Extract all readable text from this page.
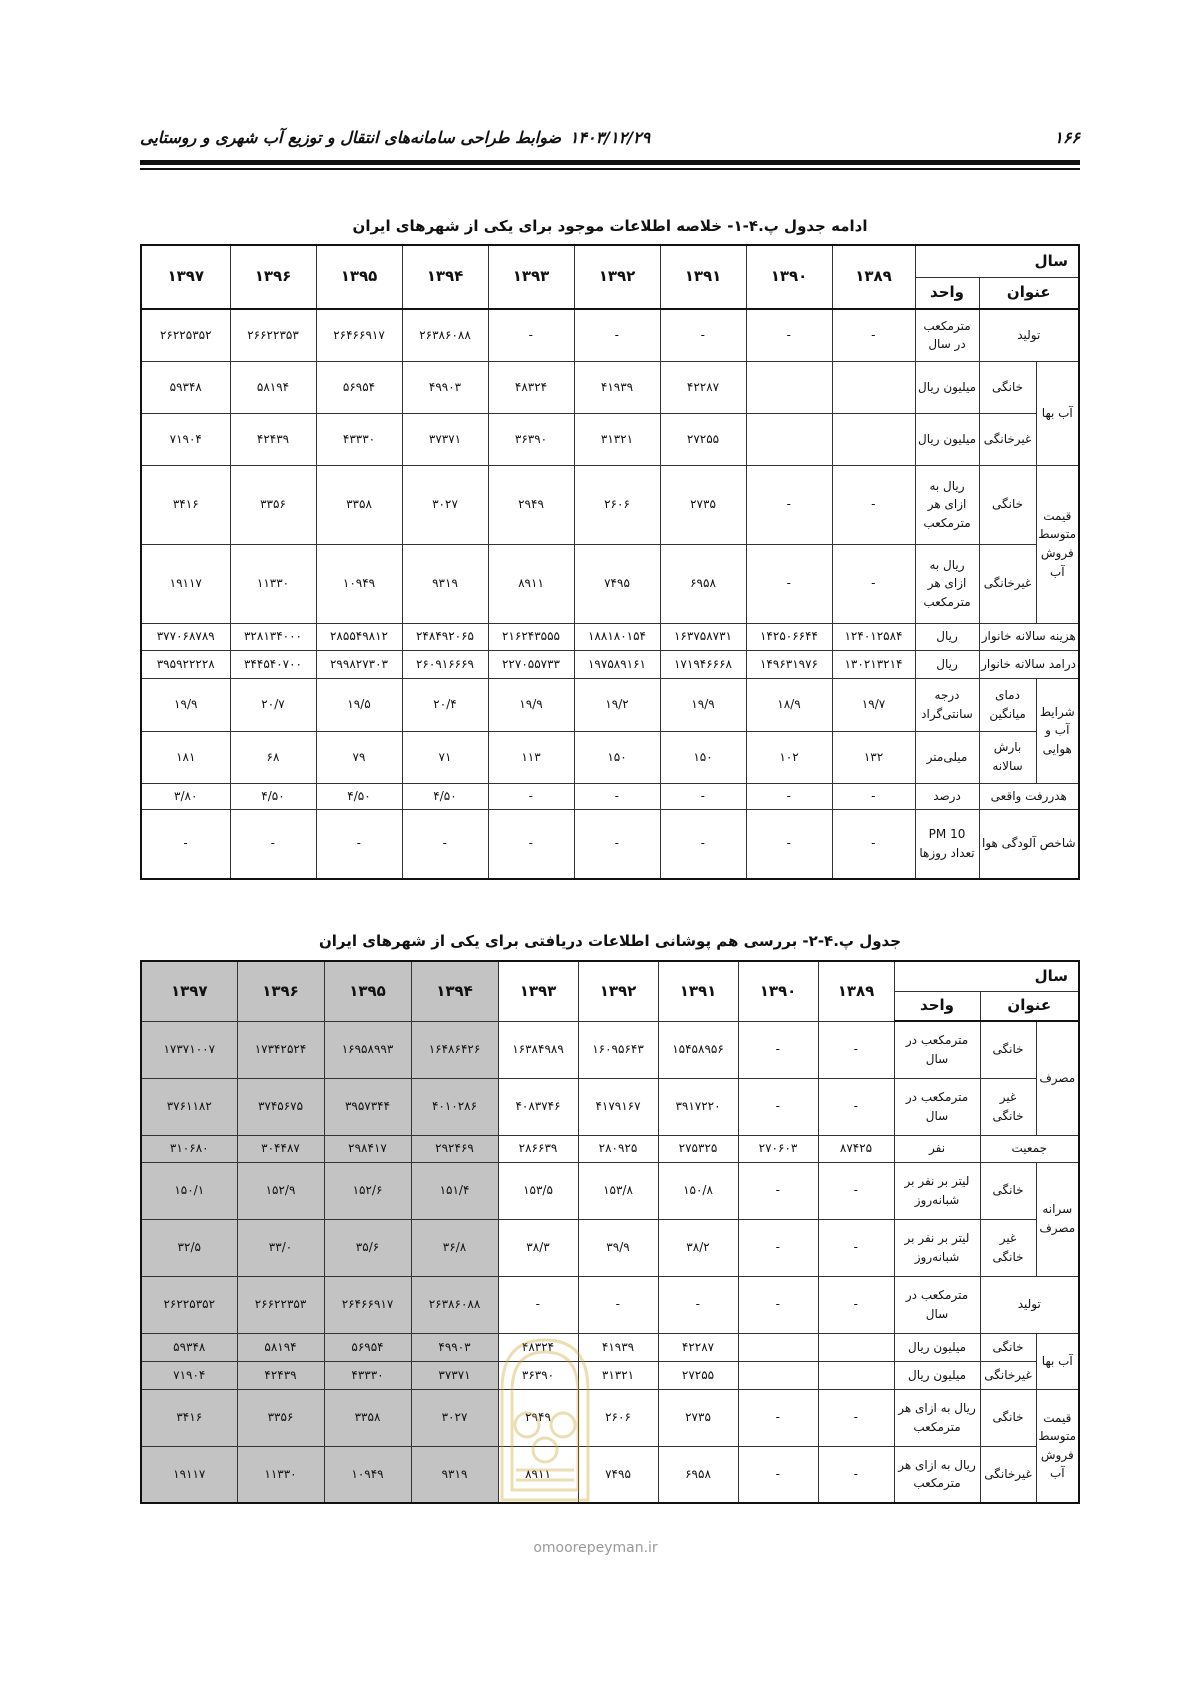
۱۶۶
۱۴۰۳/۱۲/۲۹
ضوابط طراحی سامانه‌های انتقال و توزیع آب شهری و روستایی
ادامه جدول پ.۴-۱- خلاصه اطلاعات موجود برای یکی از شهرهای ایران
سال			۱۳۸۹	۱۳۹۰	۱۳۹۱	۱۳۹۲	۱۳۹۳	۱۳۹۴	۱۳۹۵	۱۳۹۶	۱۳۹۷
عنوان		واحد									
تولید		مترمکعب در سال	-	-	-	-	-	۲۶۳۸۶۰۸۸	۲۶۴۶۶۹۱۷	۲۶۶۲۲۳۵۳	۲۶۲۲۵۳۵۲
آب بها	خانگی	میلیون ریال			۴۲۲۸۷	۴۱۹۳۹	۴۸۳۲۴	۴۹۹۰۳	۵۶۹۵۴	۵۸۱۹۴	۵۹۳۴۸
	غیرخانگی	میلیون ریال			۲۷۲۵۵	۳۱۳۲۱	۳۶۳۹۰	۳۷۳۷۱	۴۳۳۳۰	۴۲۴۳۹	۷۱۹۰۴
قیمت متوسط فروش آب	خانگی	ریال به ازای هر مترمکعب	-	-	۲۷۳۵	۲۶۰۶	۲۹۴۹	۳۰۲۷	۳۳۵۸	۳۳۵۶	۳۴۱۶
	غیرخانگی	ریال به ازای هر مترمکعب	-	-	۶۹۵۸	۷۴۹۵	۸۹۱۱	۹۳۱۹	۱۰۹۴۹	۱۱۳۳۰	۱۹۱۱۷
هزینه سالانه خانوار		ریال	۱۲۴۰۱۲۵۸۴	۱۴۲۵۰۶۶۴۴	۱۶۳۷۵۸۷۳۱	۱۸۸۱۸۰۱۵۴	۲۱۶۲۴۳۵۵۵	۲۴۸۴۹۲۰۶۵	۲۸۵۵۴۹۸۱۲	۳۲۸۱۳۴۰۰۰	۳۷۷۰۶۸۷۸۹
درامد سالانه خانوار		ریال	۱۳۰۲۱۳۲۱۴	۱۴۹۶۳۱۹۷۶	۱۷۱۹۴۶۶۶۸	۱۹۷۵۸۹۱۶۱	۲۲۷۰۵۵۷۳۳	۲۶۰۹۱۶۶۶۹	۲۹۹۸۲۷۳۰۳	۳۴۴۵۴۰۷۰۰	۳۹۵۹۲۲۲۲۸
شرایط آب و هوایی	دمای میانگین	درجه سانتی‌گراد	۱۹/۷	۱۸/۹	۱۹/۹	۱۹/۲	۱۹/۹	۲۰/۴	۱۹/۵	۲۰/۷	۱۹/۹
	بارش سالانه	میلی‌متر	۱۳۲	۱۰۲	۱۵۰	۱۵۰	۱۱۳	۷۱	۷۹	۶۸	۱۸۱
هدررفت واقعی		درصد	-	-	-	-	-	۴/۵۰	۴/۵۰	۴/۵۰	۳/۸۰
شاخص آلودگی هوا		PM 10 تعداد روزها	-	-	-	-	-	-	-	-	-
جدول پ.۴-۲- بررسی هم پوشانی اطلاعات دریافتی برای یکی از شهرهای ایران
سال			۱۳۸۹	۱۳۹۰	۱۳۹۱	۱۳۹۲	۱۳۹۳	۱۳۹۴	۱۳۹۵	۱۳۹۶	۱۳۹۷
عنوان		واحد									
مصرف	خانگی	مترمکعب در سال	-	-	۱۵۴۵۸۹۵۶	۱۶۰۹۵۶۴۳	۱۶۳۸۴۹۸۹	۱۶۴۸۶۴۲۶	۱۶۹۵۸۹۹۳	۱۷۳۴۲۵۲۴	۱۷۳۷۱۰۰۷
	غیر خانگی	مترمکعب در سال	-	-	۳۹۱۷۲۲۰	۴۱۷۹۱۶۷	۴۰۸۳۷۴۶	۴۰۱۰۲۸۶	۳۹۵۷۳۴۴	۳۷۴۵۶۷۵	۳۷۶۱۱۸۲
جمعیت		نفر	۸۷۴۲۵	۲۷۰۶۰۳	۲۷۵۳۲۵	۲۸۰۹۲۵	۲۸۶۶۳۹	۲۹۲۴۶۹	۲۹۸۴۱۷	۳۰۴۴۸۷	۳۱۰۶۸۰
سرانه مصرف	خانگی	لیتر بر نفر بر شبانه‌روز	-	-	۱۵۰/۸	۱۵۳/۸	۱۵۳/۵	۱۵۱/۴	۱۵۲/۶	۱۵۲/۹	۱۵۰/۱
	غیر خانگی	لیتر بر نفر بر شبانه‌روز	-	-	۳۸/۲	۳۹/۹	۳۸/۳	۳۶/۸	۳۵/۶	۳۳/۰	۳۲/۵
تولید		مترمکعب در سال	-	-	-	-	-	۲۶۳۸۶۰۸۸	۲۶۴۶۶۹۱۷	۲۶۶۲۲۳۵۳	۲۶۲۲۵۳۵۲
آب بها	خانگی	میلیون ریال			۴۲۲۸۷	۴۱۹۳۹	۴۸۳۲۴	۴۹۹۰۳	۵۶۹۵۴	۵۸۱۹۴	۵۹۳۴۸
	غیرخانگی	میلیون ریال			۲۷۲۵۵	۳۱۳۲۱	۳۶۳۹۰	۳۷۳۷۱	۴۳۳۳۰	۴۲۴۳۹	۷۱۹۰۴
قیمت متوسط فروش آب	خانگی	ریال به ازای هر مترمکعب	-	-	۲۷۳۵	۲۶۰۶	۲۹۴۹	۳۰۲۷	۳۳۵۸	۳۳۵۶	۳۴۱۶
	غیرخانگی	ریال به ازای هر مترمکعب	-	-	۶۹۵۸	۷۴۹۵	۸۹۱۱	۹۳۱۹	۱۰۹۴۹	۱۱۳۳۰	۱۹۱۱۷
omoorepeyman.ir
